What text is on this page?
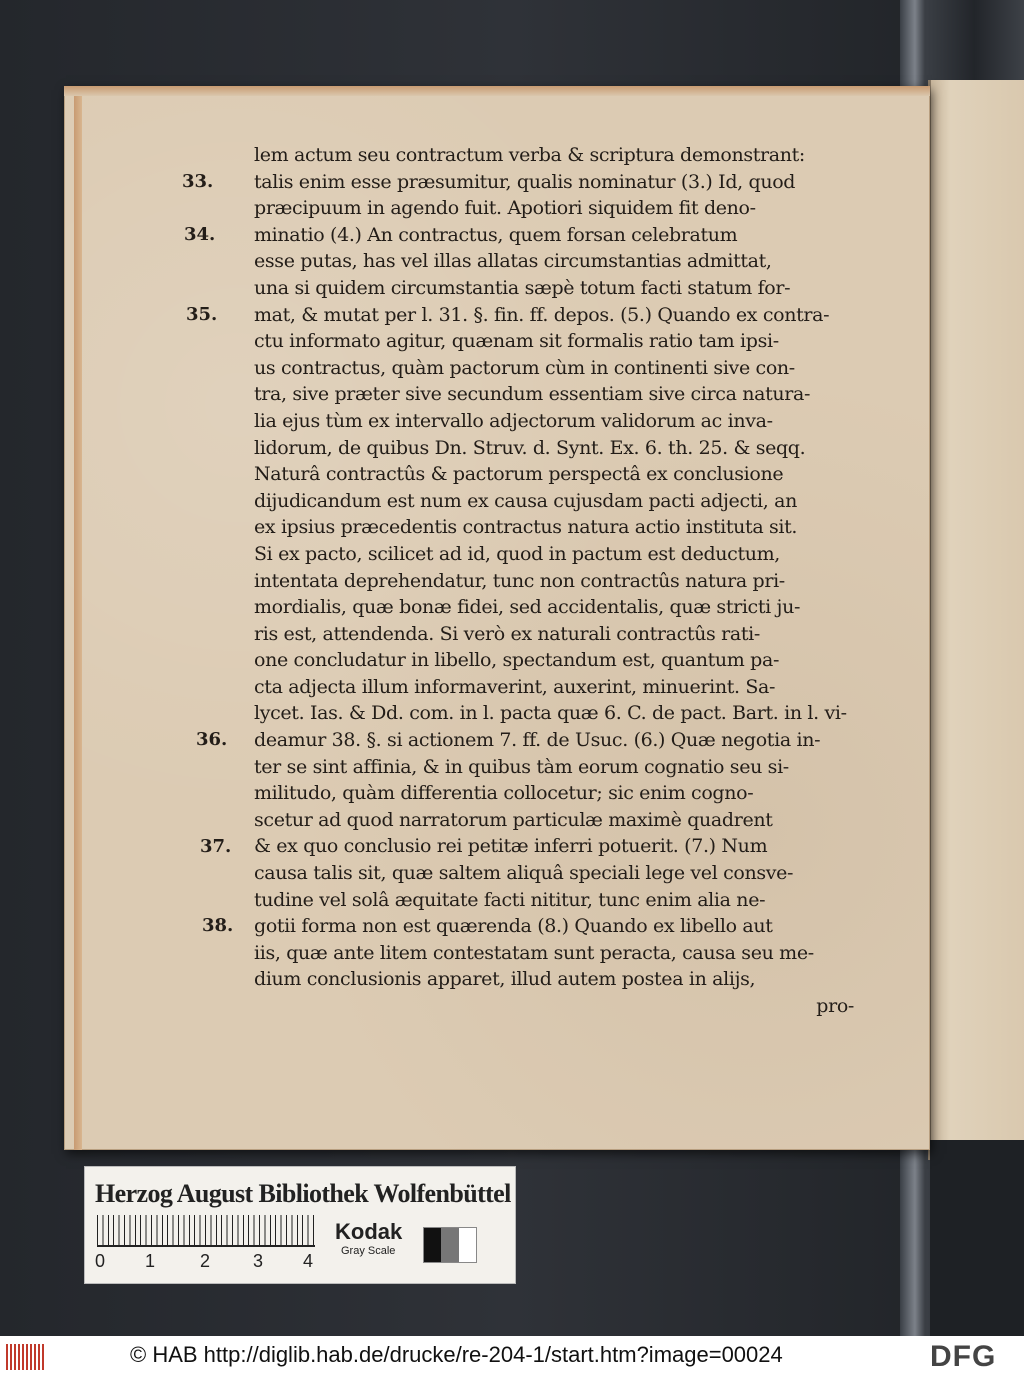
lem actum seu contractum verba & scriptura demonstrant:
talis enim esse præsumitur, qualis nominatur (3.) Id, quod
præcipuum in agendo fuit. Apotiori siquidem fit deno-
minatio (4.) An contractus, quem forsan celebratum
esse putas, has vel illas allatas circumstantias admittat,
una si quidem circumstantia sæpè totum facti statum for-
mat, & mutat per l. 31. §. fin. ff. depos. (5.) Quando ex contra-
ctu informato agitur, quænam sit formalis ratio tam ipsi-
us contractus, quàm pactorum cùm in continenti sive con-
tra, sive præter sive secundum essentiam sive circa natura-
lia ejus tùm ex intervallo adjectorum validorum ac inva-
lidorum, de quibus Dn. Struv. d. Synt. Ex. 6. th. 25. & seqq.
Naturâ contractûs & pactorum perspectâ ex conclusione
dijudicandum est num ex causa cujusdam pacti adjecti, an
ex ipsius præcedentis contractus natura actio instituta sit.
Si ex pacto, scilicet ad id, quod in pactum est deductum,
intentata deprehendatur, tunc non contractûs natura pri-
mordialis, quæ bonæ fidei, sed accidentalis, quæ stricti ju-
ris est, attendenda. Si verò ex naturali contractûs rati-
one concludatur in libello, spectandum est, quantum pa-
cta adjecta illum informaverint, auxerint, minuerint. Sa-
lycet. Ias. & Dd. com. in l. pacta quæ 6. C. de pact. Bart. in l. vi-
deamur 38. §. si actionem 7. ff. de Usuc. (6.) Quæ negotia in-
ter se sint affinia, & in quibus tàm eorum cognatio seu si-
militudo, quàm differentia collocetur; sic enim cogno-
scetur ad quod narratorum particulæ maximè quadrent
& ex quo conclusio rei petitæ inferri potuerit. (7.) Num
causa talis sit, quæ saltem aliquâ speciali lege vel consve-
tudine vel solâ æquitate facti nititur, tunc enim alia ne-
gotii forma non est quærenda (8.) Quando ex libello aut
iis, quæ ante litem contestatam sunt peracta, causa seu me-
dium conclusionis apparet, illud autem postea in alijs,
pro-
33.
34.
35.
36.
37.
38.
Herzog August Bibliothek Wolfenbüttel
0 1 2 3 4
Kodak
Gray Scale
© HAB http://diglib.hab.de/drucke/re-204-1/start.htm?image=00024	DFG
